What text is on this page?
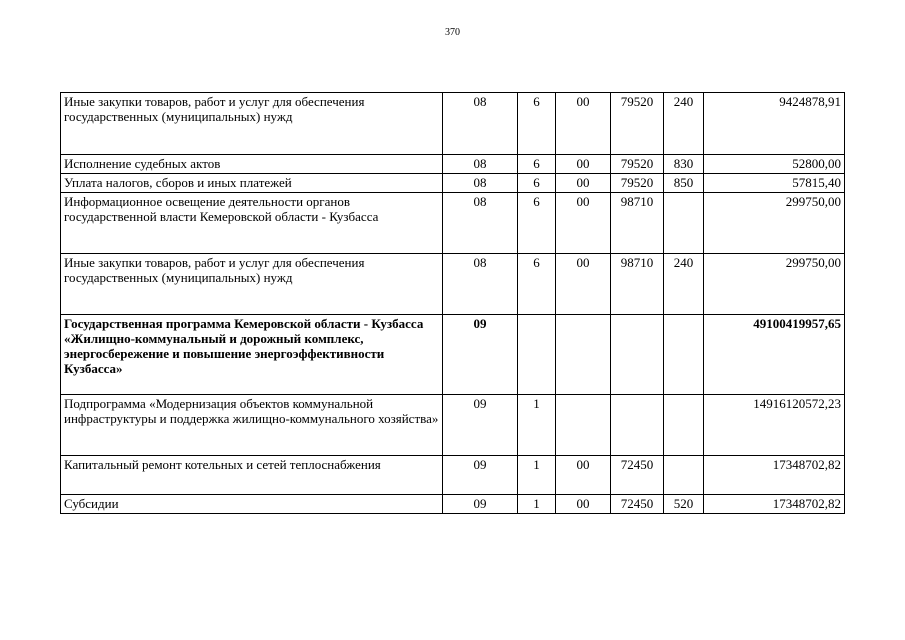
370
Иные закупки товаров, работ и услуг для обеспечения государственных (муниципальных) нужд	08	6	00	79520	240	9424878,91
Исполнение судебных актов	08	6	00	79520	830	52800,00
Уплата налогов, сборов и иных платежей	08	6	00	79520	850	57815,40
Информационное освещение деятельности органов государственной власти Кемеровской области - Кузбасса	08	6	00	98710		299750,00
Иные закупки товаров, работ и услуг для обеспечения государственных (муниципальных) нужд	08	6	00	98710	240	299750,00
Государственная программа Кемеровской области - Кузбасса «Жилищно-коммунальный и дорожный комплекс, энергосбережение и повышение энергоэффективности Кузбасса»	09					49100419957,65
Подпрограмма «Модернизация объектов коммунальной инфраструктуры и поддержка жилищно-коммунального хозяйства»	09	1				14916120572,23
Капитальный ремонт котельных и сетей теплоснабжения	09	1	00	72450		17348702,82
Субсидии	09	1	00	72450	520	17348702,82
